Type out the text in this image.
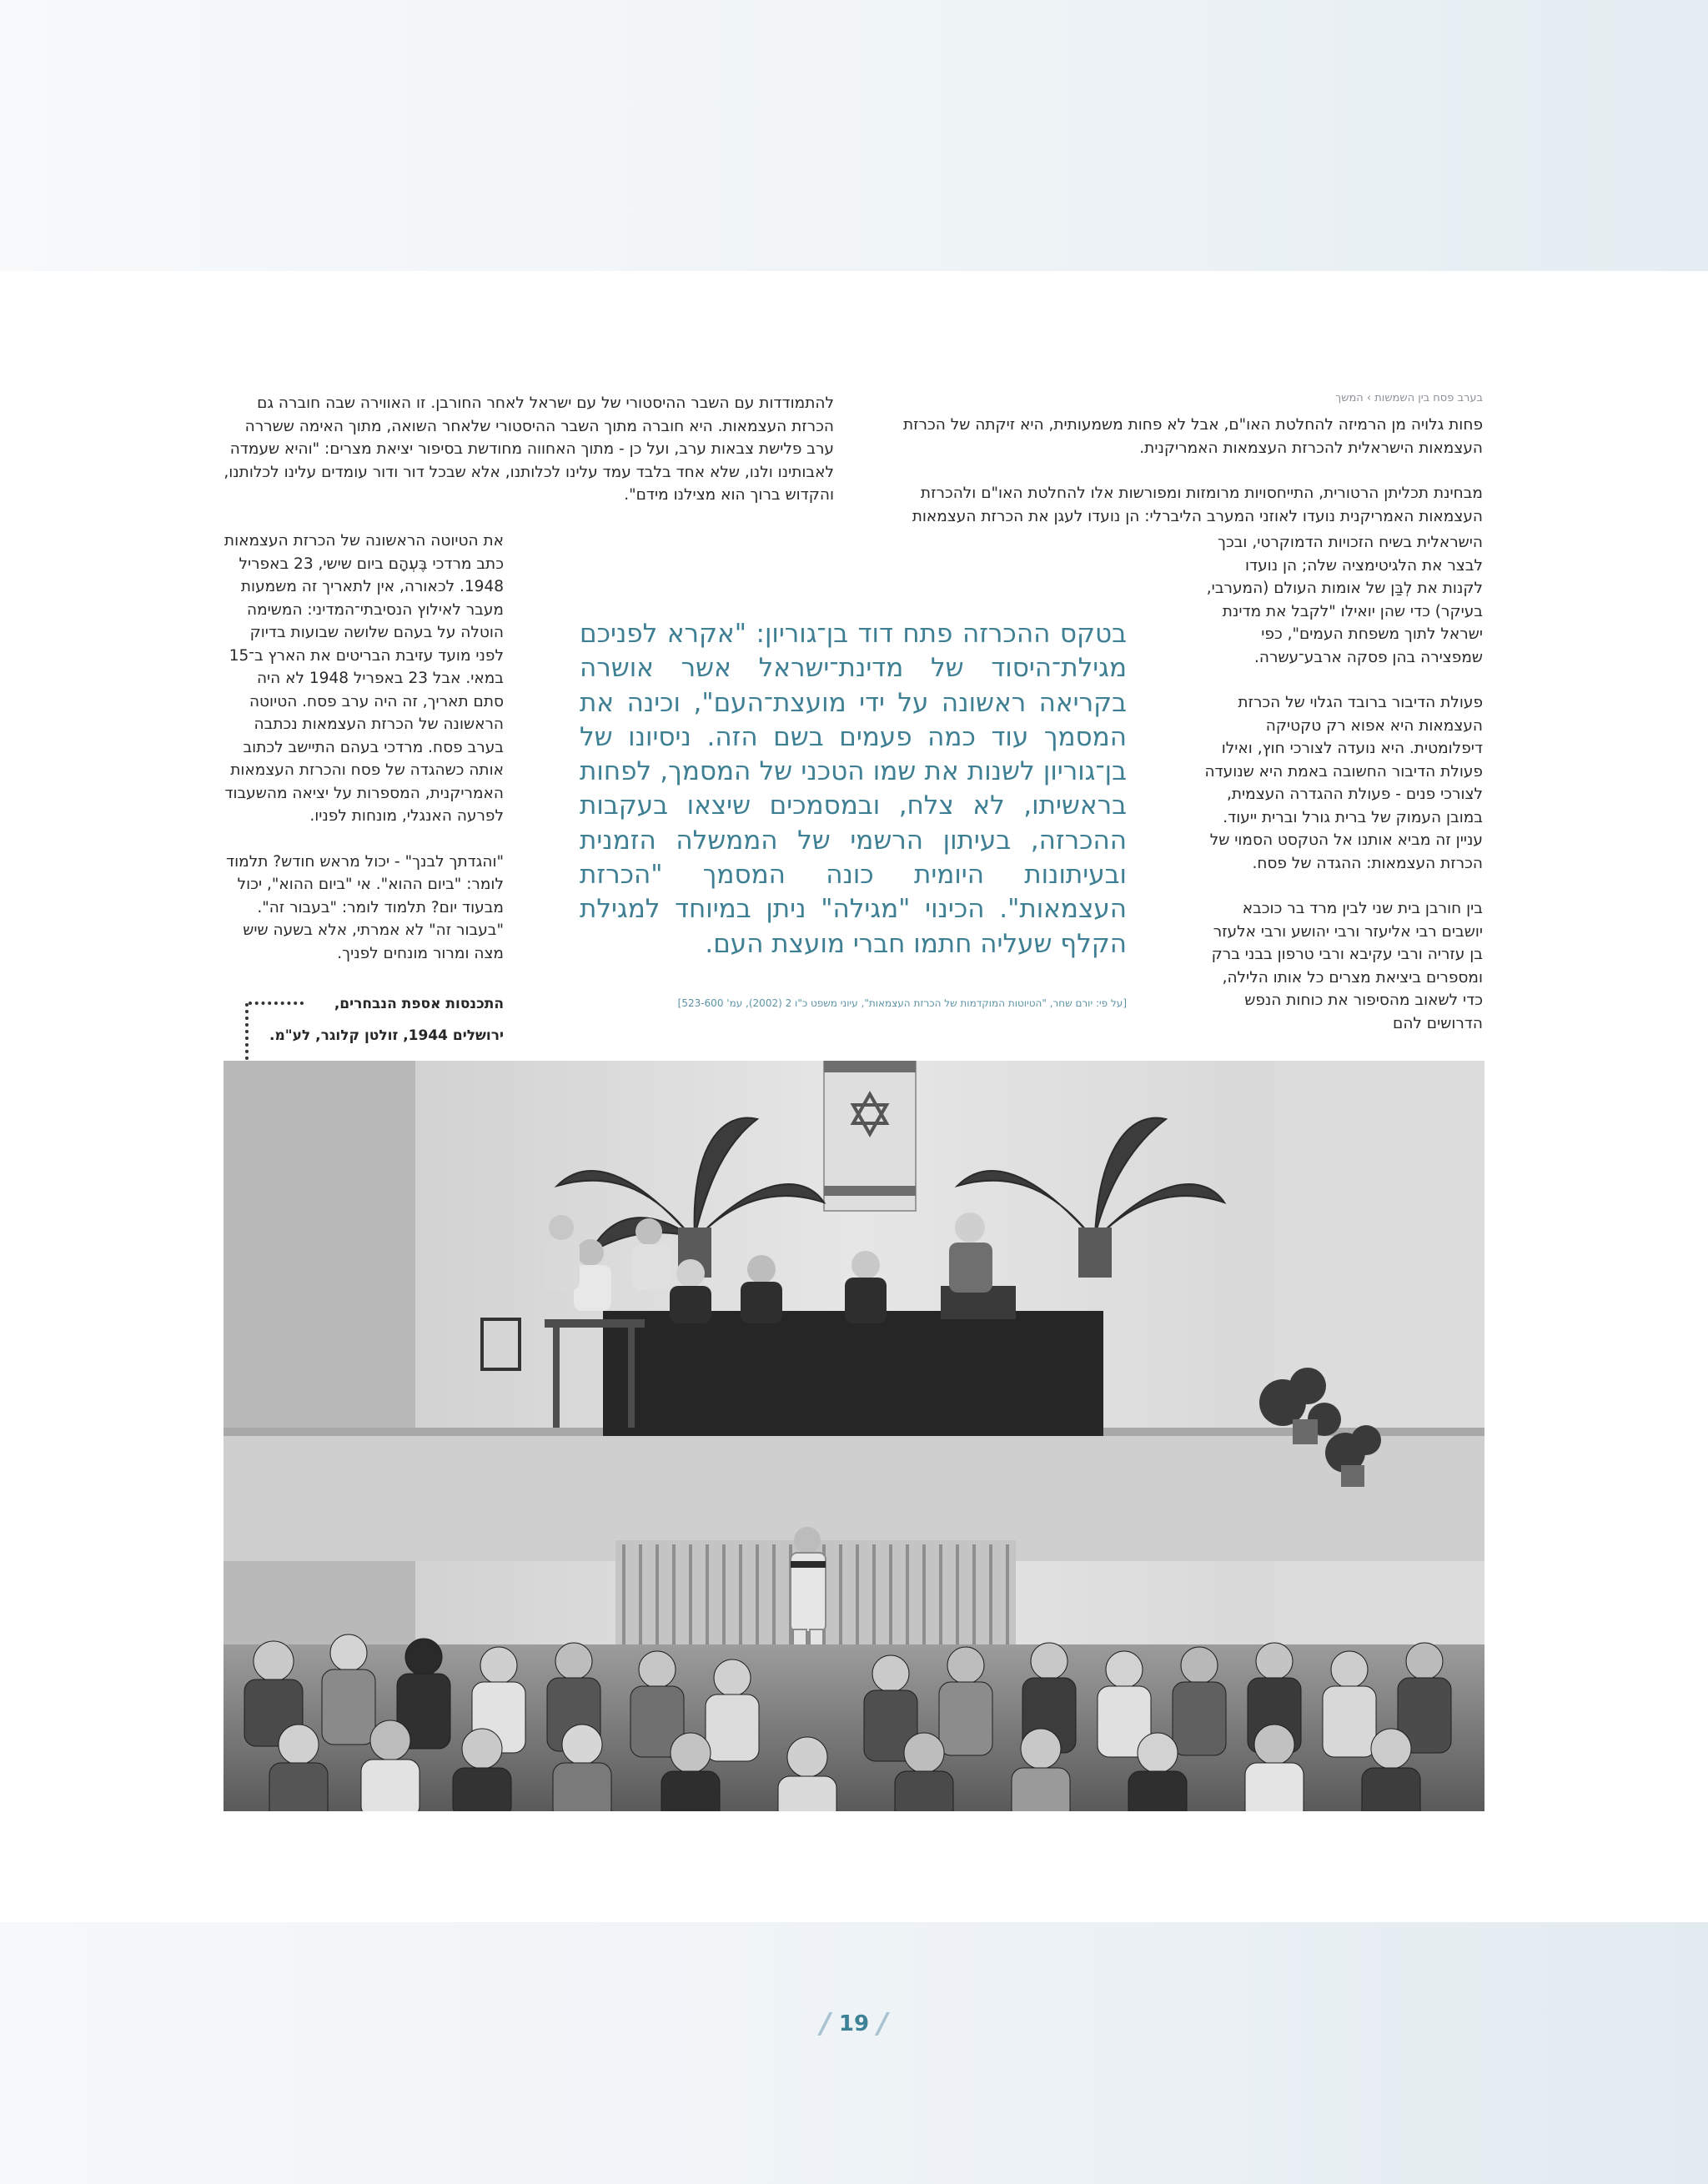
בערב פסח בין השמשות › המשך

פחות גלויה מן הרמיזה להחלטת האו"ם, אבל לא פחות משמעותית, היא זיקתה של הכרזת העצמאות הישראלית להכרזת העצמאות האמריקנית.

מבחינת תכליתן הרטורית, התייחסויות מרומזות ומפורשות אלו להחלטת האו"ם ולהכרזת העצמאות האמריקנית נועדו לאוזני המערב הליברלי: הן נועדו לעגן את הכרזת העצמאות

הישראלית בשיח הזכויות הדמוקרטי, ובכך לבצר את הלגיטימציה שלה; הן נועדו לקנות את לְבַּן של אומות העולם (המערבי, בעיקר) כדי שהן יואילו "לקבל את מדינת ישראל לתוך משפחת העמים", כפי שמפצירה בהן פסקה ארבע־עשרה.

פעולת הדיבור ברובד הגלוי של הכרזת העצמאות היא אפוא רק טקטיקה דיפלומטית. היא נועדה לצורכי חוץ, ואילו פעולת הדיבור החשובה באמת היא שנועדה לצורכי פנים - פעולת ההגדרה העצמית, במובן העמוק של ברית גורל וברית ייעוד. עניין זה מביא אותנו אל הטקסט הסמוי של הכרזת העצמאות: ההגדה של פסח.

בין חורבן בית שני לבין מרד בר כוכבא יושבים רבי אליעזר ורבי יהושע ורבי אלעזר בן עזריה ורבי עקיבא ורבי טרפון בבני ברק ומספרים ביציאת מצרים כל אותו הלילה, כדי לשאוב מהסיפור את כוחות הנפש הדרושים להם

להתמודדות עם השבר ההיסטורי של עם ישראל לאחר החורבן. זו האווירה שבה חוברה גם הכרזת העצמאות. היא חוברה מתוך השבר ההיסטורי שלאחר השואה, מתוך האימה ששררה ערב פלישת צבאות ערב, ועל כן - מתוך האחווה מחודשת בסיפור יציאת מצרים: "והיא שעמדה לאבותינו ולנו, שלא אחד בלבד עמד עלינו לכלותנו, אלא שבכל דור ודור עומדים עלינו לכלותנו, והקדוש ברוך הוא מצילנו מידם".

את הטיוטה הראשונה של הכרזת העצמאות כתב מרדכי בֶּעְהָם ביום שישי, 23 באפריל 1948. לכאורה, אין לתאריך זה משמעות מעבר לאילוץ הנסיבתי־המדיני: המשימה הוטלה על בעהם שלושה שבועות בדיוק לפני מועד עזיבת הבריטים את הארץ ב־15 במאי. אבל 23 באפריל 1948 לא היה סתם תאריך, זה היה ערב פסח. הטיוטה הראשונה של הכרזת העצמאות נכתבה בערב פסח. מרדכי בעהם התיישב לכתוב אותה כשהגדה של פסח והכרזת העצמאות האמריקנית, המספרות על יציאה מהשעבוד לפרעה האנגלי, מונחות לפניו.

"והגדתך לבנך" - יכול מראש חודש? תלמוד לומר: "ביום ההוא". אי "ביום ההוא", יכול מבעוד יום? תלמוד לומר: "בעבור זה". "בעבור זה" לא אמרתי, אלא בשעה שיש מצה ומרור מונחים לפניך.

בטקס ההכרזה פתח דוד בן־גוריון: "אקרא לפניכם מגילת־היסוד של מדינת־ישראל אשר אושרה בקריאה ראשונה על ידי מועצת־העם", וכינה את המסמך עוד כמה פעמים בשם הזה. ניסיונו של בן־גוריון לשנות את שמו הטכני של המסמך, לפחות בראשיתו, לא צלח, ובמסמכים שיצאו בעקבות ההכרזה, בעיתון הרשמי של הממשלה הזמנית ובעיתונות היומית כונה המסמך "הכרזת העצמאות". הכינוי "מגילה" ניתן במיוחד למגילת הקלף שעליה חתמו חברי מועצת העם.
[על פי: יורם שחר, "הטיוטות המוקדמות של הכרזת העצמאות", עיוני משפט כ"ו 2 (2002), עמ' 523-600]
התכנסות אספת הנבחרים,
ירושלים 1944, זולטן קלוגר, לע"מ.
/ 19 /
